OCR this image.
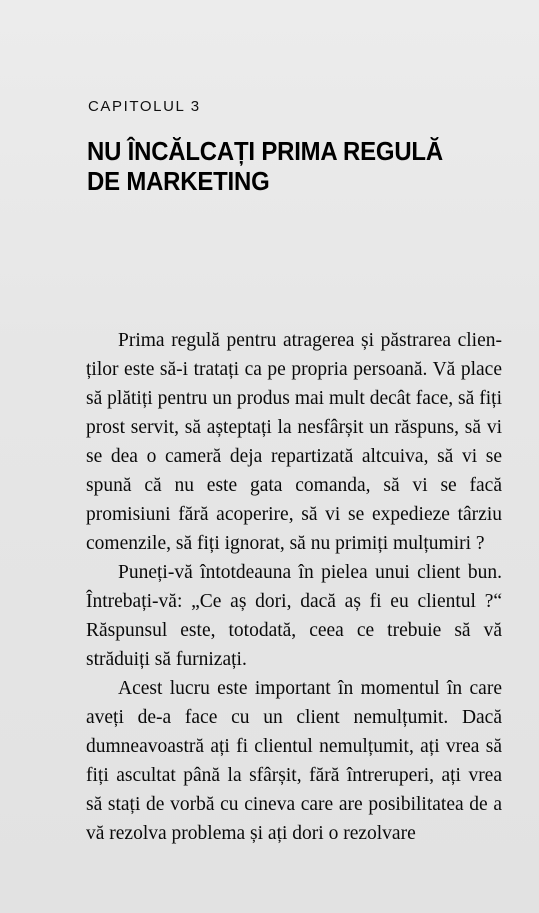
CAPITOLUL 3
NU ÎNCĂLCAȚI PRIMA REGULĂ DE MARKETING

Prima regulă pentru atragerea și păstrarea clienților este să-i tratați ca pe propria persoană. Vă place să plătiți pentru un produs mai mult decât face, să fiți prost servit, să așteptați la nesfârșit un răspuns, să vi se dea o cameră deja repartizată altcuiva, să vi se spună că nu este gata comanda, să vi se facă promisiuni fără acoperire, să vi se expedieze târziu comenzile, să fiți ignorat, să nu primiți mulțumiri ?

Puneți-vă întotdeauna în pielea unui client bun. Întrebați-vă: „Ce aș dori, dacă aș fi eu clientul ?“ Răspunsul este, totodată, ceea ce trebuie să vă străduiți să furnizați.

Acest lucru este important în momentul în care aveți de-a face cu un client nemulțumit. Dacă dumneavoastră ați fi clientul nemulțumit, ați vrea să fiți ascultat până la sfârșit, fără întreruperi, ați vrea să stați de vorbă cu cineva care are posibilitatea de a vă rezolva problema și ați dori o rezolvare
